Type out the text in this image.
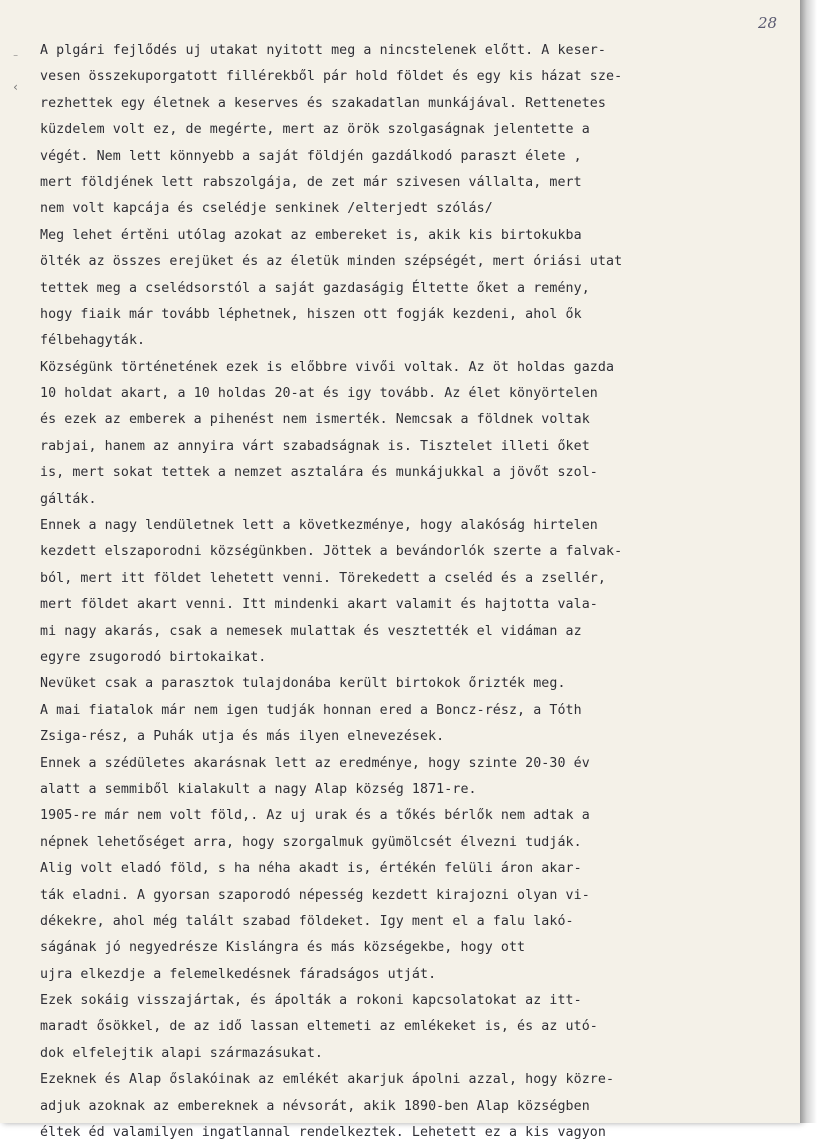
28
⁻
‹
A plgári fejlődés uj utakat nyitott meg a nincstelenek előtt. A keser-
vesen összekuporgatott fillérekből pár hold földet és egy kis házat sze-
rezhettek egy életnek a keserves és szakadatlan munkájával. Rettenetes
küzdelem volt ez, de megérte, mert az örök szolgaságnak jelentette a
végét. Nem lett könnyebb a saját földjén gazdálkodó paraszt élete ,
mert földjének lett rabszolgája, de zet már szivesen vállalta, mert
nem volt kapcája és cselédje senkinek /elterjedt szólás/
Meg lehet értěni utólag azokat az embereket is, akik kis birtokukba
ölték az összes erejüket és az életük minden szépségét, mert óriási utat
tettek meg a cselédsorstól a saját gazdaságig Éltette őket a remény,
hogy fiaik már tovább léphetnek, hiszen ott fogják kezdeni, ahol ők
félbehagyták.
Községünk történetének ezek is előbbre vivői voltak. Az öt holdas gazda
10 holdat akart, a 10 holdas 20-at és igy tovább. Az élet könyörtelen
és ezek az emberek a pihenést nem ismerték. Nemcsak a földnek voltak
rabjai, hanem az annyira várt szabadságnak is. Tisztelet illeti őket
is, mert sokat tettek a nemzet asztalára és munkájukkal a jövőt szol-
gálták.
Ennek a nagy lendületnek lett a következménye, hogy alakóság hirtelen
kezdett elszaporodni községünkben. Jöttek a bevándorlók szerte a falvak-
ból, mert itt földet lehetett venni. Törekedett a cseléd és a zsellér,
mert földet akart venni. Itt mindenki akart valamit és hajtotta vala-
mi nagy akarás, csak a nemesek mulattak és vesztették el vidáman az
egyre zsugorodó birtokaikat.
Nevüket csak a parasztok tulajdonába került birtokok őrizték meg.
A mai fiatalok már nem igen tudják honnan ered a Boncz-rész, a Tóth
Zsiga-rész, a Puhák utja és más ilyen elnevezések.
Ennek a szédületes akarásnak lett az eredménye, hogy szinte 20-30 év
alatt a semmiből kialakult a nagy Alap község 1871-re.
1905-re már nem volt föld,. Az uj urak és a tőkés bérlők nem adtak a
népnek lehetőséget arra, hogy szorgalmuk gyümölcsét élvezni tudják.
Alig volt eladó föld, s ha néha akadt is, értékén felüli áron akar-
ták eladni. A gyorsan szaporodó népesség kezdett kirajozni olyan vi-
dékekre, ahol még talált szabad földeket. Igy ment el a falu lakó-
ságának jó negyedrésze Kislángra és más községekbe, hogy ott
ujra elkezdje a felemelkedésnek fáradságos utját.
Ezek sokáig visszajártak, és ápolták a rokoni kapcsolatokat az itt-
maradt ősökkel, de az idő lassan eltemeti az emlékeket is, és az utó-
dok elfelejtik alapi származásukat.
Ezeknek és Alap őslakóinak az emlékét akarjuk ápolni azzal, hogy közre-
adjuk azoknak az embereknek a névsorát, akik 1890-ben Alap községben
éltek éd valamilyen ingatlannal rendelkeztek. Lehetett ez a kis vagyon
